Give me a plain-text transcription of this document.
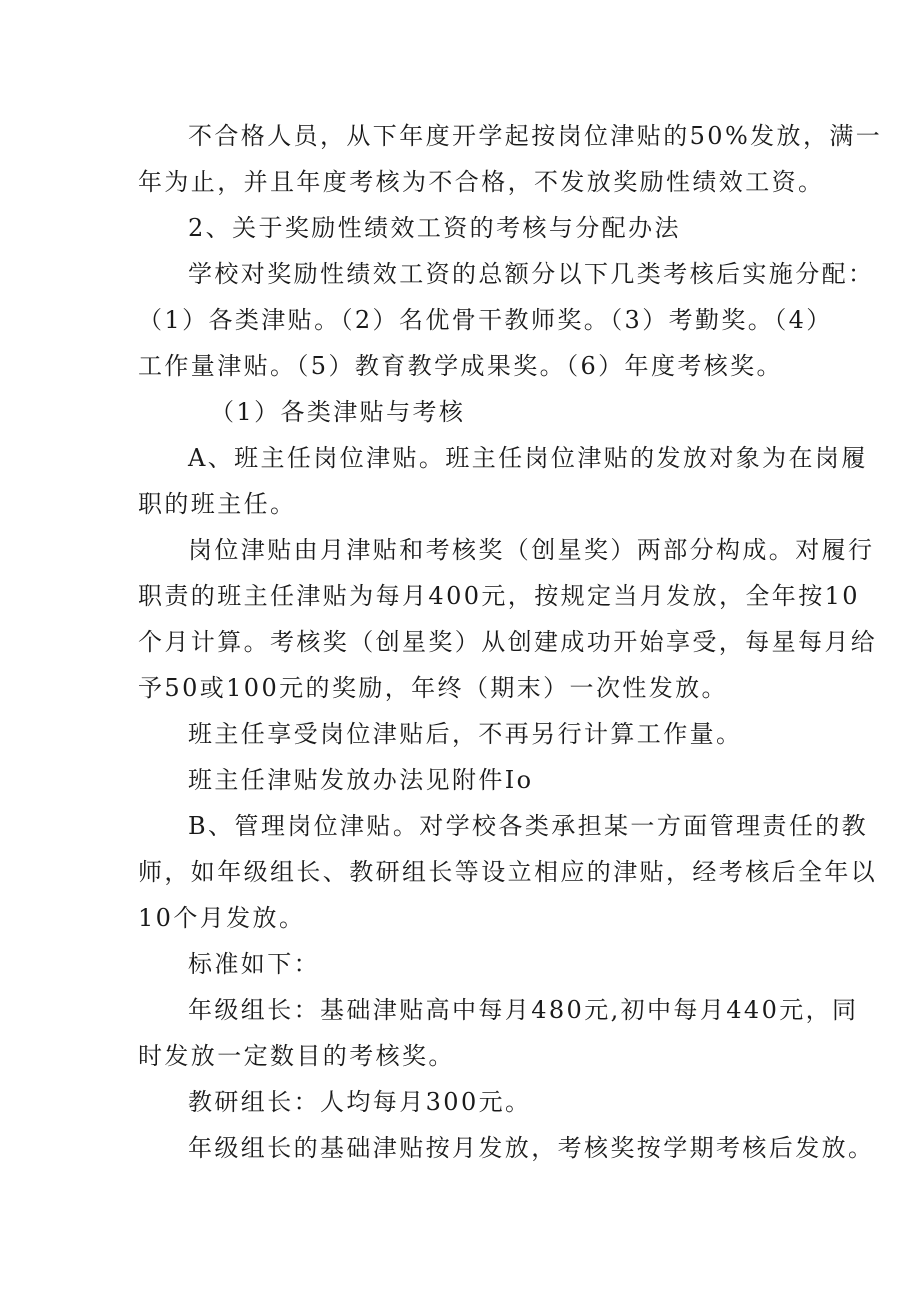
不合格人员，从下年度开学起按岗位津贴的50%发放，满一
年为止，并且年度考核为不合格，不发放奖励性绩效工资。
2、关于奖励性绩效工资的考核与分配办法
学校对奖励性绩效工资的总额分以下几类考核后实施分配：
（1）各类津贴。（2）名优骨干教师奖。（3）考勤奖。（4）
工作量津贴。（5）教育教学成果奖。（6）年度考核奖。
（1）各类津贴与考核
A、班主任岗位津贴。班主任岗位津贴的发放对象为在岗履
职的班主任。
岗位津贴由月津贴和考核奖（创星奖）两部分构成。对履行
职责的班主任津贴为每月400元，按规定当月发放，全年按10
个月计算。考核奖（创星奖）从创建成功开始享受，每星每月给
予50或100元的奖励，年终（期末）一次性发放。
班主任享受岗位津贴后，不再另行计算工作量。
班主任津贴发放办法见附件Io
B、管理岗位津贴。对学校各类承担某一方面管理责任的教
师，如年级组长、教研组长等设立相应的津贴，经考核后全年以
10个月发放。
标准如下：
年级组长：基础津贴高中每月480元,初中每月440元，同
时发放一定数目的考核奖。
教研组长：人均每月300元。
年级组长的基础津贴按月发放，考核奖按学期考核后发放。
